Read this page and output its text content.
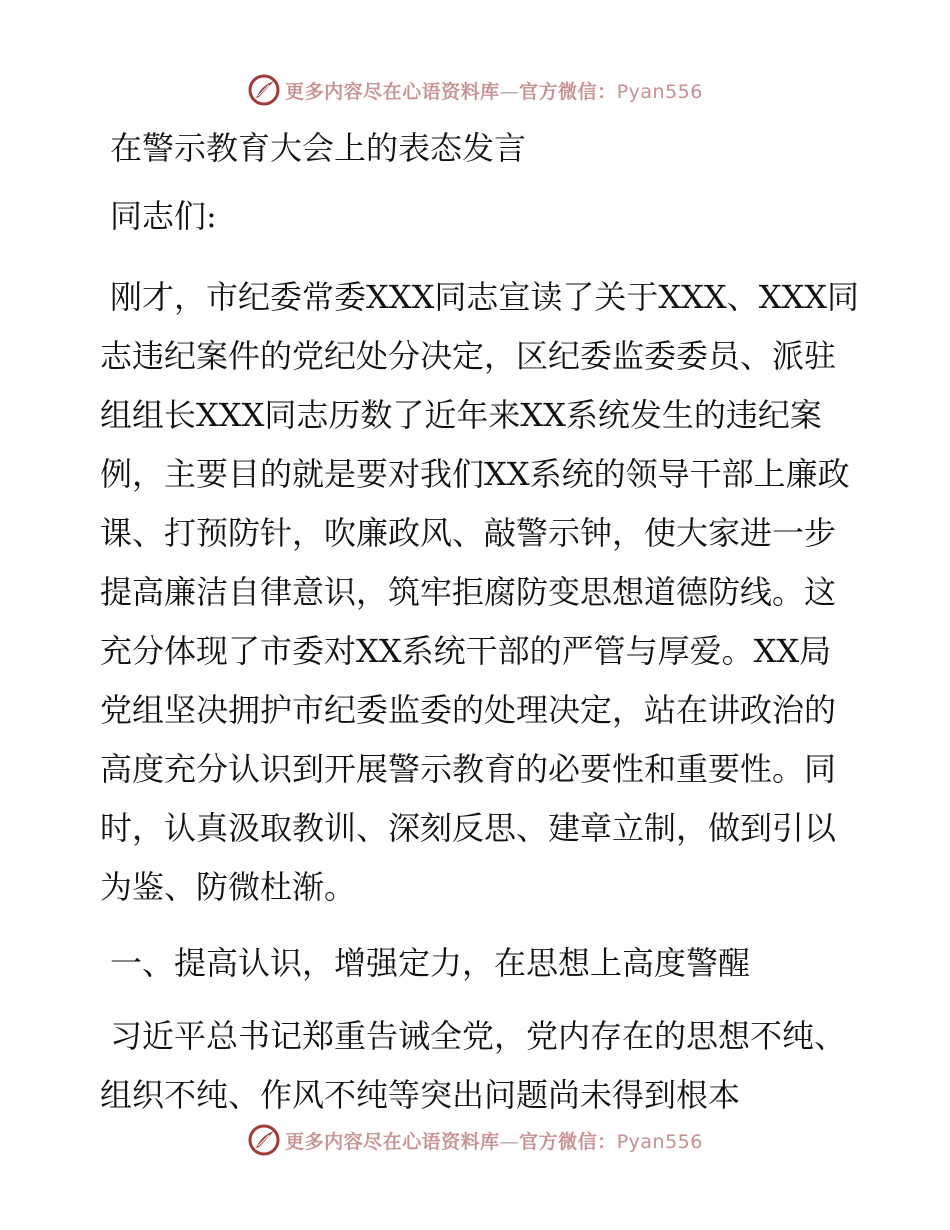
更多内容尽在心语资料库—官方微信：Pyan556

在警示教育大会上的表态发言

同志们:

刚才，市纪委常委XXX同志宣读了关于XXX、XXX同志违纪案件的党纪处分决定，区纪委监委委员、派驻组组长XXX同志历数了近年来XX系统发生的违纪案例，主要目的就是要对我们XX系统的领导干部上廉政课、打预防针，吹廉政风、敲警示钟，使大家进一步提高廉洁自律意识，筑牢拒腐防变思想道德防线。这充分体现了市委对XX系统干部的严管与厚爱。XX局党组坚决拥护市纪委监委的处理决定，站在讲政治的高度充分认识到开展警示教育的必要性和重要性。同时，认真汲取教训、深刻反思、建章立制，做到引以为鉴、防微杜渐。

一、提高认识，增强定力，在思想上高度警醒

习近平总书记郑重告诫全党，党内存在的思想不纯、组织不纯、作风不纯等突出问题尚未得到根本

更多内容尽在心语资料库—官方微信：Pyan556
